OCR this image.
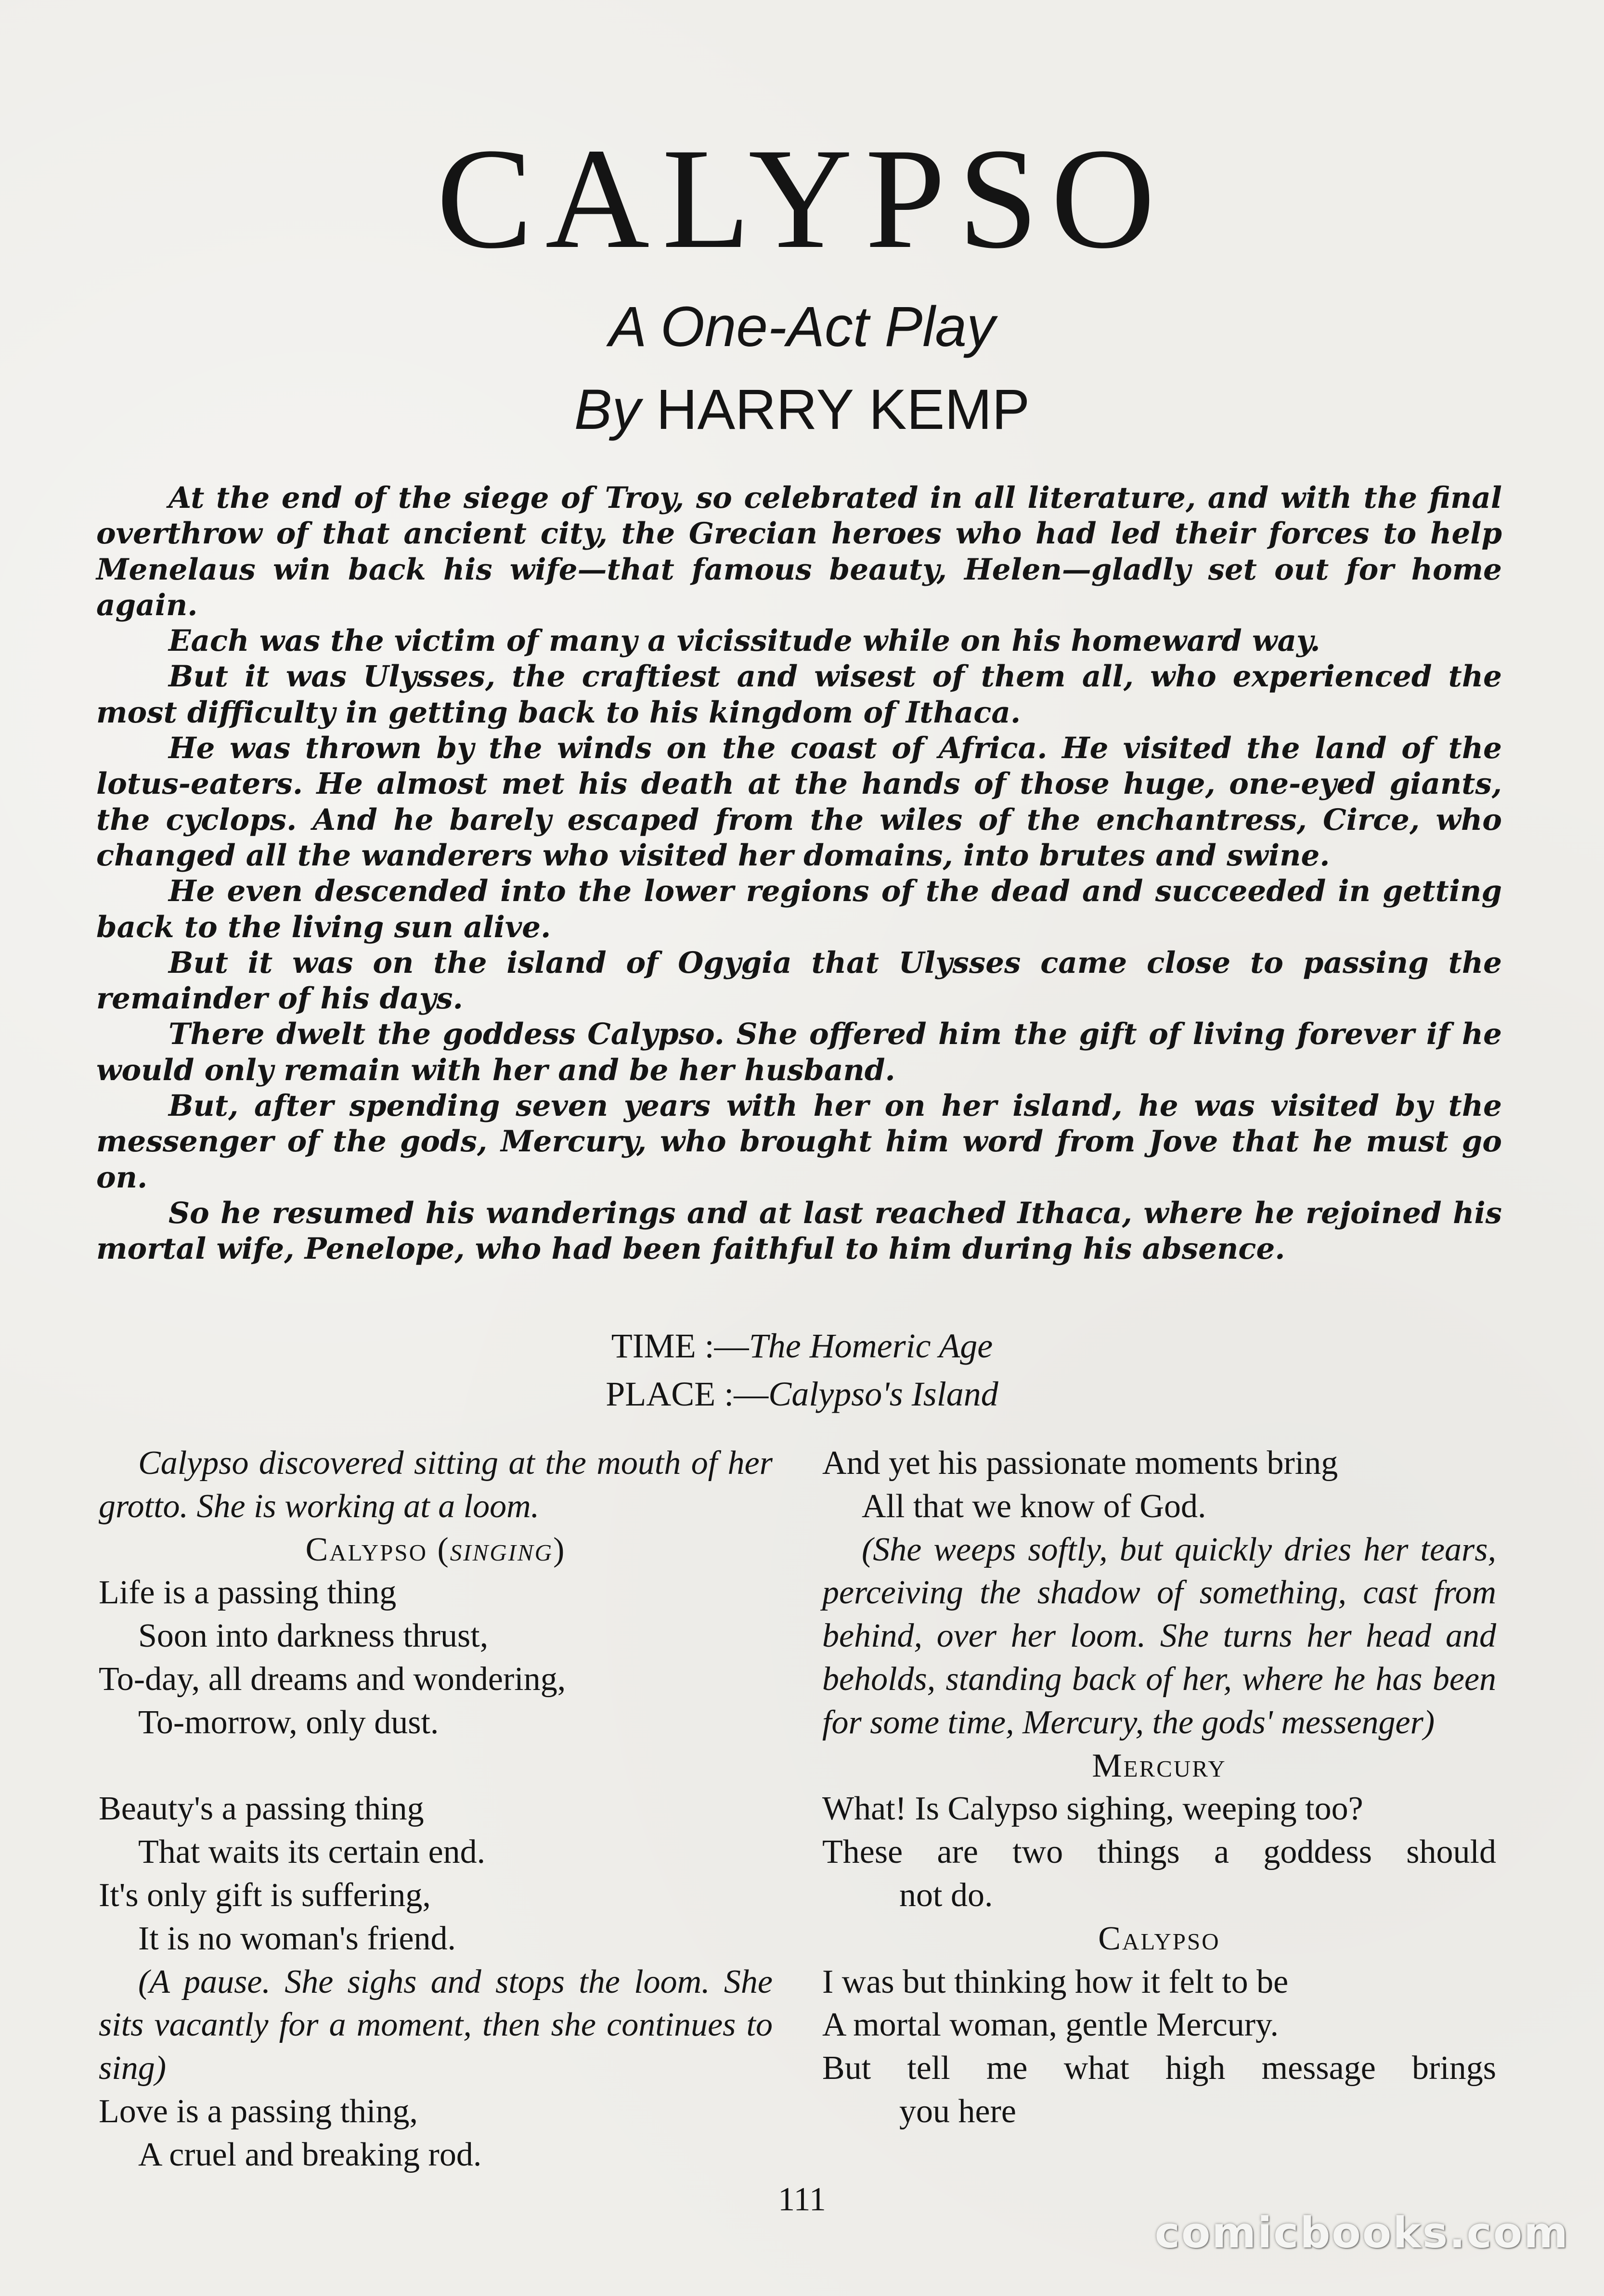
CALYPSO
A One-Act Play
By HARRY KEMP

At the end of the siege of Troy, so celebrated in all literature, and with the final overthrow of that ancient city, the Grecian heroes who had led their forces to help Menelaus win back his wife—that famous beauty, Helen—gladly set out for home again.

Each was the victim of many a vicissitude while on his homeward way.

But it was Ulysses, the craftiest and wisest of them all, who experienced the most difficulty in getting back to his kingdom of Ithaca.

He was thrown by the winds on the coast of Africa. He visited the land of the lotus-eaters. He almost met his death at the hands of those huge, one-eyed giants, the cyclops. And he barely escaped from the wiles of the enchantress, Circe, who changed all the wanderers who visited her domains, into brutes and swine.

He even descended into the lower regions of the dead and succeeded in getting back to the living sun alive.

But it was on the island of Ogygia that Ulysses came close to passing the remainder of his days.

There dwelt the goddess Calypso. She offered him the gift of living forever if he would only remain with her and be her husband.

But, after spending seven years with her on her island, he was visited by the messenger of the gods, Mercury, who brought him word from Jove that he must go on.

So he resumed his wanderings and at last reached Ithaca, where he rejoined his mortal wife, Penelope, who had been faithful to him during his absence.

TIME :—The Homeric Age
PLACE :—Calypso's Island
Calypso discovered sitting at the mouth of her grotto. She is working at a loom.
Calypso (singing)
Life is a passing thing
Soon into darkness thrust,
To-day, all dreams and wondering,
To-morrow, only dust.
Beauty's a passing thing
That waits its certain end.
It's only gift is suffering,
It is no woman's friend.
(A pause. She sighs and stops the loom. She sits vacantly for a moment, then she continues to sing)
Love is a passing thing,
A cruel and breaking rod.
And yet his passionate moments bring
All that we know of God.
(She weeps softly, but quickly dries her tears, perceiving the shadow of something, cast from behind, over her loom. She turns her head and beholds, standing back of her, where he has been for some time, Mercury, the gods' messenger)
Mercury
What! Is Calypso sighing, weeping too?
These are two things a goddess should
not do.
Calypso
I was but thinking how it felt to be
A mortal woman, gentle Mercury.
But tell me what high message brings
you here
111
comicbooks.com
